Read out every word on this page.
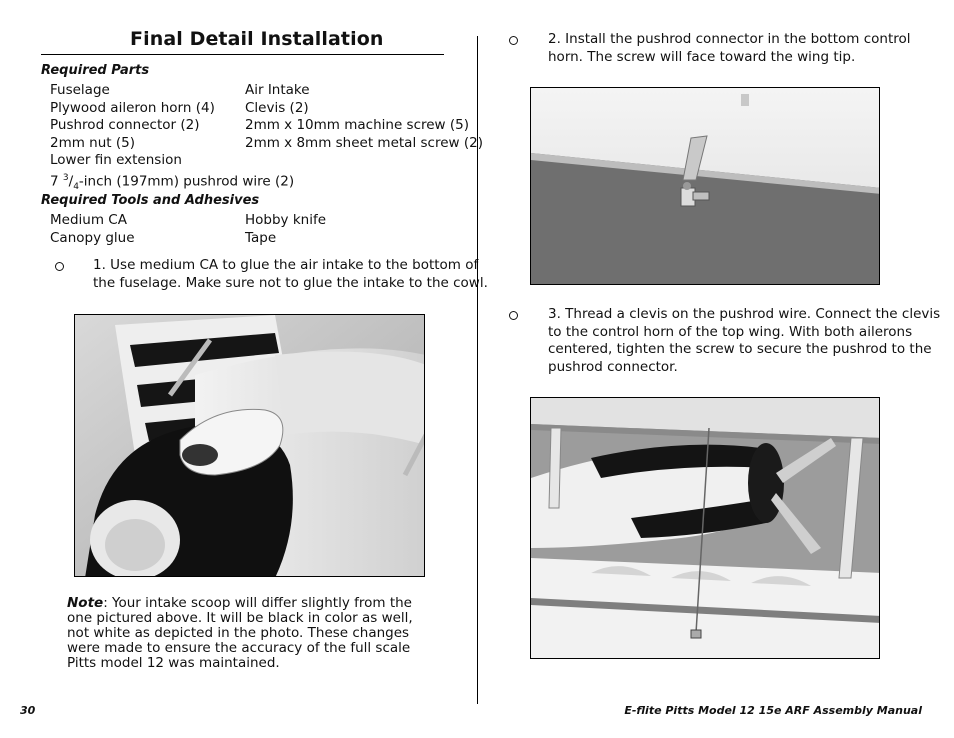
Final Detail Installation
Required Parts
Fuselage	Air Intake
Plywood aileron horn (4) Clevis (2)
Pushrod connector (2)	2mm x 10mm machine screw (5)
2mm nut (5)	2mm x 8mm sheet metal screw (2)
Lower fin extension
7 $^3/_4$-inch (197mm) pushrod wire (2)
Required Tools and Adhesives
Medium CA	Hobby knife
Canopy glue	Tape
1. Use medium CA to glue the air intake to the bottom of
the fuselage. Make sure not to glue the intake to the cowl.
Note: Your intake scoop will differ slightly from the one pictured above. It will be black in color as well, not white as depicted in the photo. These changes were made to ensure the accuracy of the full scale Pitts model 12 was maintained.
2. Install the pushrod connector in the bottom control
horn. The screw will face toward the wing tip.
3. Thread a clevis on the pushrod wire. Connect the clevis
to the control horn of the top wing. With both ailerons
centered, tighten the screw to secure the pushrod to the
pushrod connector.
30	E-flite Pitts Model 12 15e ARF Assembly Manual
